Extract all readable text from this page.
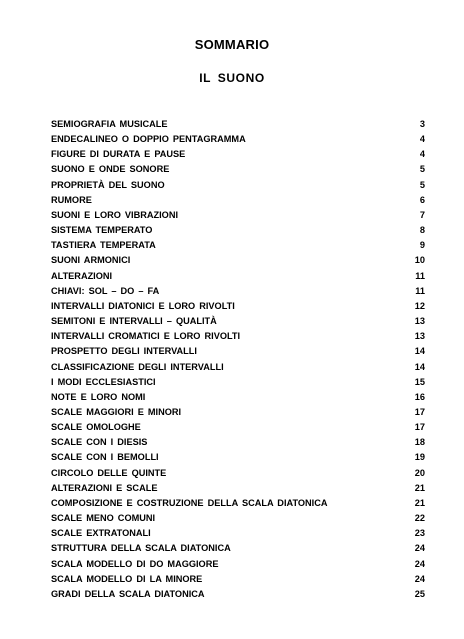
SOMMARIO
IL SUONO
SEMIOGRAFIA MUSICALE	3
ENDECALINEO O DOPPIO PENTAGRAMMA	4
FIGURE DI DURATA E PAUSE	4
SUONO E ONDE SONORE	5
PROPRIETÀ DEL SUONO	5
RUMORE	6
SUONI E LORO VIBRAZIONI	7
SISTEMA TEMPERATO	8
TASTIERA TEMPERATA	9
SUONI ARMONICI	10
ALTERAZIONI	11
CHIAVI: SOL – DO – FA	11
INTERVALLI DIATONICI E LORO RIVOLTI	12
SEMITONI E INTERVALLI – QUALITÀ	13
INTERVALLI CROMATICI E LORO RIVOLTI	13
PROSPETTO DEGLI INTERVALLI	14
CLASSIFICAZIONE DEGLI INTERVALLI	14
I MODI ECCLESIASTICI	15
NOTE E LORO NOMI	16
SCALE MAGGIORI E MINORI	17
SCALE OMOLOGHE	17
SCALE CON I DIESIS	18
SCALE CON I BEMOLLI	19
CIRCOLO DELLE QUINTE	20
ALTERAZIONI E SCALE	21
COMPOSIZIONE E COSTRUZIONE DELLA SCALA DIATONICA	21
SCALE MENO COMUNI	22
SCALE EXTRATONALI	23
STRUTTURA DELLA SCALA DIATONICA	24
SCALA MODELLO DI DO MAGGIORE	24
SCALA MODELLO DI LA MINORE	24
GRADI DELLA SCALA DIATONICA	25
